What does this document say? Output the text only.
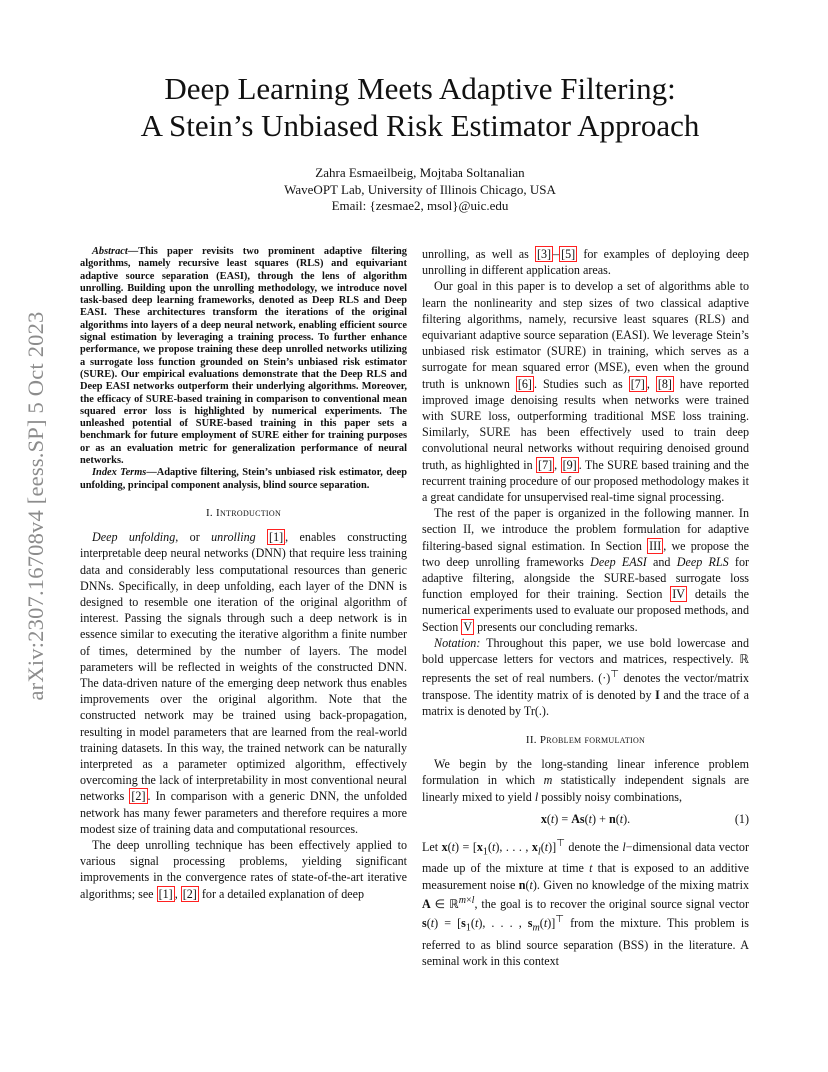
arXiv:2307.16708v4 [eess.SP] 5 Oct 2023
Deep Learning Meets Adaptive Filtering:
A Stein’s Unbiased Risk Estimator Approach
Zahra Esmaeilbeig, Mojtaba Soltanalian
WaveOPT Lab, University of Illinois Chicago, USA
Email: {zesmae2, msol}@uic.edu

Abstract—This paper revisits two prominent adaptive filtering algorithms, namely recursive least squares (RLS) and equivariant adaptive source separation (EASI), through the lens of algorithm unrolling. Building upon the unrolling methodology, we introduce novel task-based deep learning frameworks, denoted as Deep RLS and Deep EASI. These architectures transform the iterations of the original algorithms into layers of a deep neural network, enabling efficient source signal estimation by leveraging a training process. To further enhance performance, we propose training these deep unrolled networks utilizing a surrogate loss function grounded on Stein’s unbiased risk estimator (SURE). Our empirical evaluations demonstrate that the Deep RLS and Deep EASI networks outperform their underlying algorithms. Moreover, the efficacy of SURE-based training in comparison to conventional mean squared error loss is highlighted by numerical experiments. The unleashed potential of SURE-based training in this paper sets a benchmark for future employment of SURE either for training purposes or as an evaluation metric for generalization performance of neural networks.

Index Terms—Adaptive filtering, Stein’s unbiased risk estimator, deep unfolding, principal component analysis, blind source separation.

I. Introduction

Deep unfolding, or unrolling [1] , enables constructing interpretable deep neural networks (DNN) that require less training data and considerably less computational resources than generic DNNs. Specifically, in deep unfolding, each layer of the DNN is designed to resemble one iteration of the original algorithm of interest. Passing the signals through such a deep network is in essence similar to executing the iterative algorithm a finite number of times, determined by the number of layers. The model parameters will be reflected in weights of the constructed DNN. The data-driven nature of the emerging deep network thus enables improvements over the original algorithm. Note that the constructed network may be trained using back-propagation, resulting in model parameters that are learned from the real-world training datasets. In this way, the trained network can be naturally interpreted as a parameter optimized algorithm, effectively overcoming the lack of interpretability in most conventional neural networks [2] . In comparison with a generic DNN, the unfolded network has many fewer parameters and therefore requires a more modest size of training data and computational resources.

The deep unrolling technique has been effectively applied to various signal processing problems, yielding significant improvements in the convergence rates of state-of-the-art iterative algorithms; see [1] , [2] for a detailed explanation of deep

unrolling, as well as [3] – [5] for examples of deploying deep unrolling in different application areas.

Our goal in this paper is to develop a set of algorithms able to learn the nonlinearity and step sizes of two classical adaptive filtering algorithms, namely, recursive least squares (RLS) and equivariant adaptive source separation (EASI). We leverage Stein’s unbiased risk estimator (SURE) in training, which serves as a surrogate for mean squared error (MSE), even when the ground truth is unknown [6] . Studies such as [7] , [8] have reported improved image denoising results when networks were trained with SURE loss, outperforming traditional MSE loss training. Similarly, SURE has been effectively used to train deep convolutional neural networks without requiring denoised ground truth, as highlighted in [7] , [9] . The SURE based training and the recurrent training procedure of our proposed methodology makes it a great candidate for unsupervised real-time signal processing.

The rest of the paper is organized in the following manner. In section II, we introduce the problem formulation for adaptive filtering-based signal estimation. In Section III , we propose the two deep unrolling frameworks Deep EASI and Deep RLS for adaptive filtering, alongside the SURE-based surrogate loss function employed for their training. Section IV details the numerical experiments used to evaluate our proposed methods, and Section V presents our concluding remarks.

Notation: Throughout this paper, we use bold lowercase and bold uppercase letters for vectors and matrices, respectively. ℝ represents the set of real numbers. (·)⊤ denotes the vector/matrix transpose. The identity matrix of is denoted by I and the trace of a matrix is denoted by Tr(.).

II. Problem formulation

We begin by the long-standing linear inference problem formulation in which m statistically independent signals are linearly mixed to yield l possibly noisy combinations,

x(t) = As(t) + n(t).	(1)

Let $x(t) = [x_1(t)$, . . . , $x_l(t)]^⊤$ denote the l−dimensional data vector made up of the mixture at time t that is exposed to an additive measurement noise n(t). Given no knowledge of the mixing matrix A ∈ ℝ$^{m\times l}$, the goal is to recover the original source signal vector $s(t) = [s_1(t)$, . . . , $s_m(t)]^⊤$ from the mixture. This problem is referred to as blind source separation (BSS) in the literature. A seminal work in this context
